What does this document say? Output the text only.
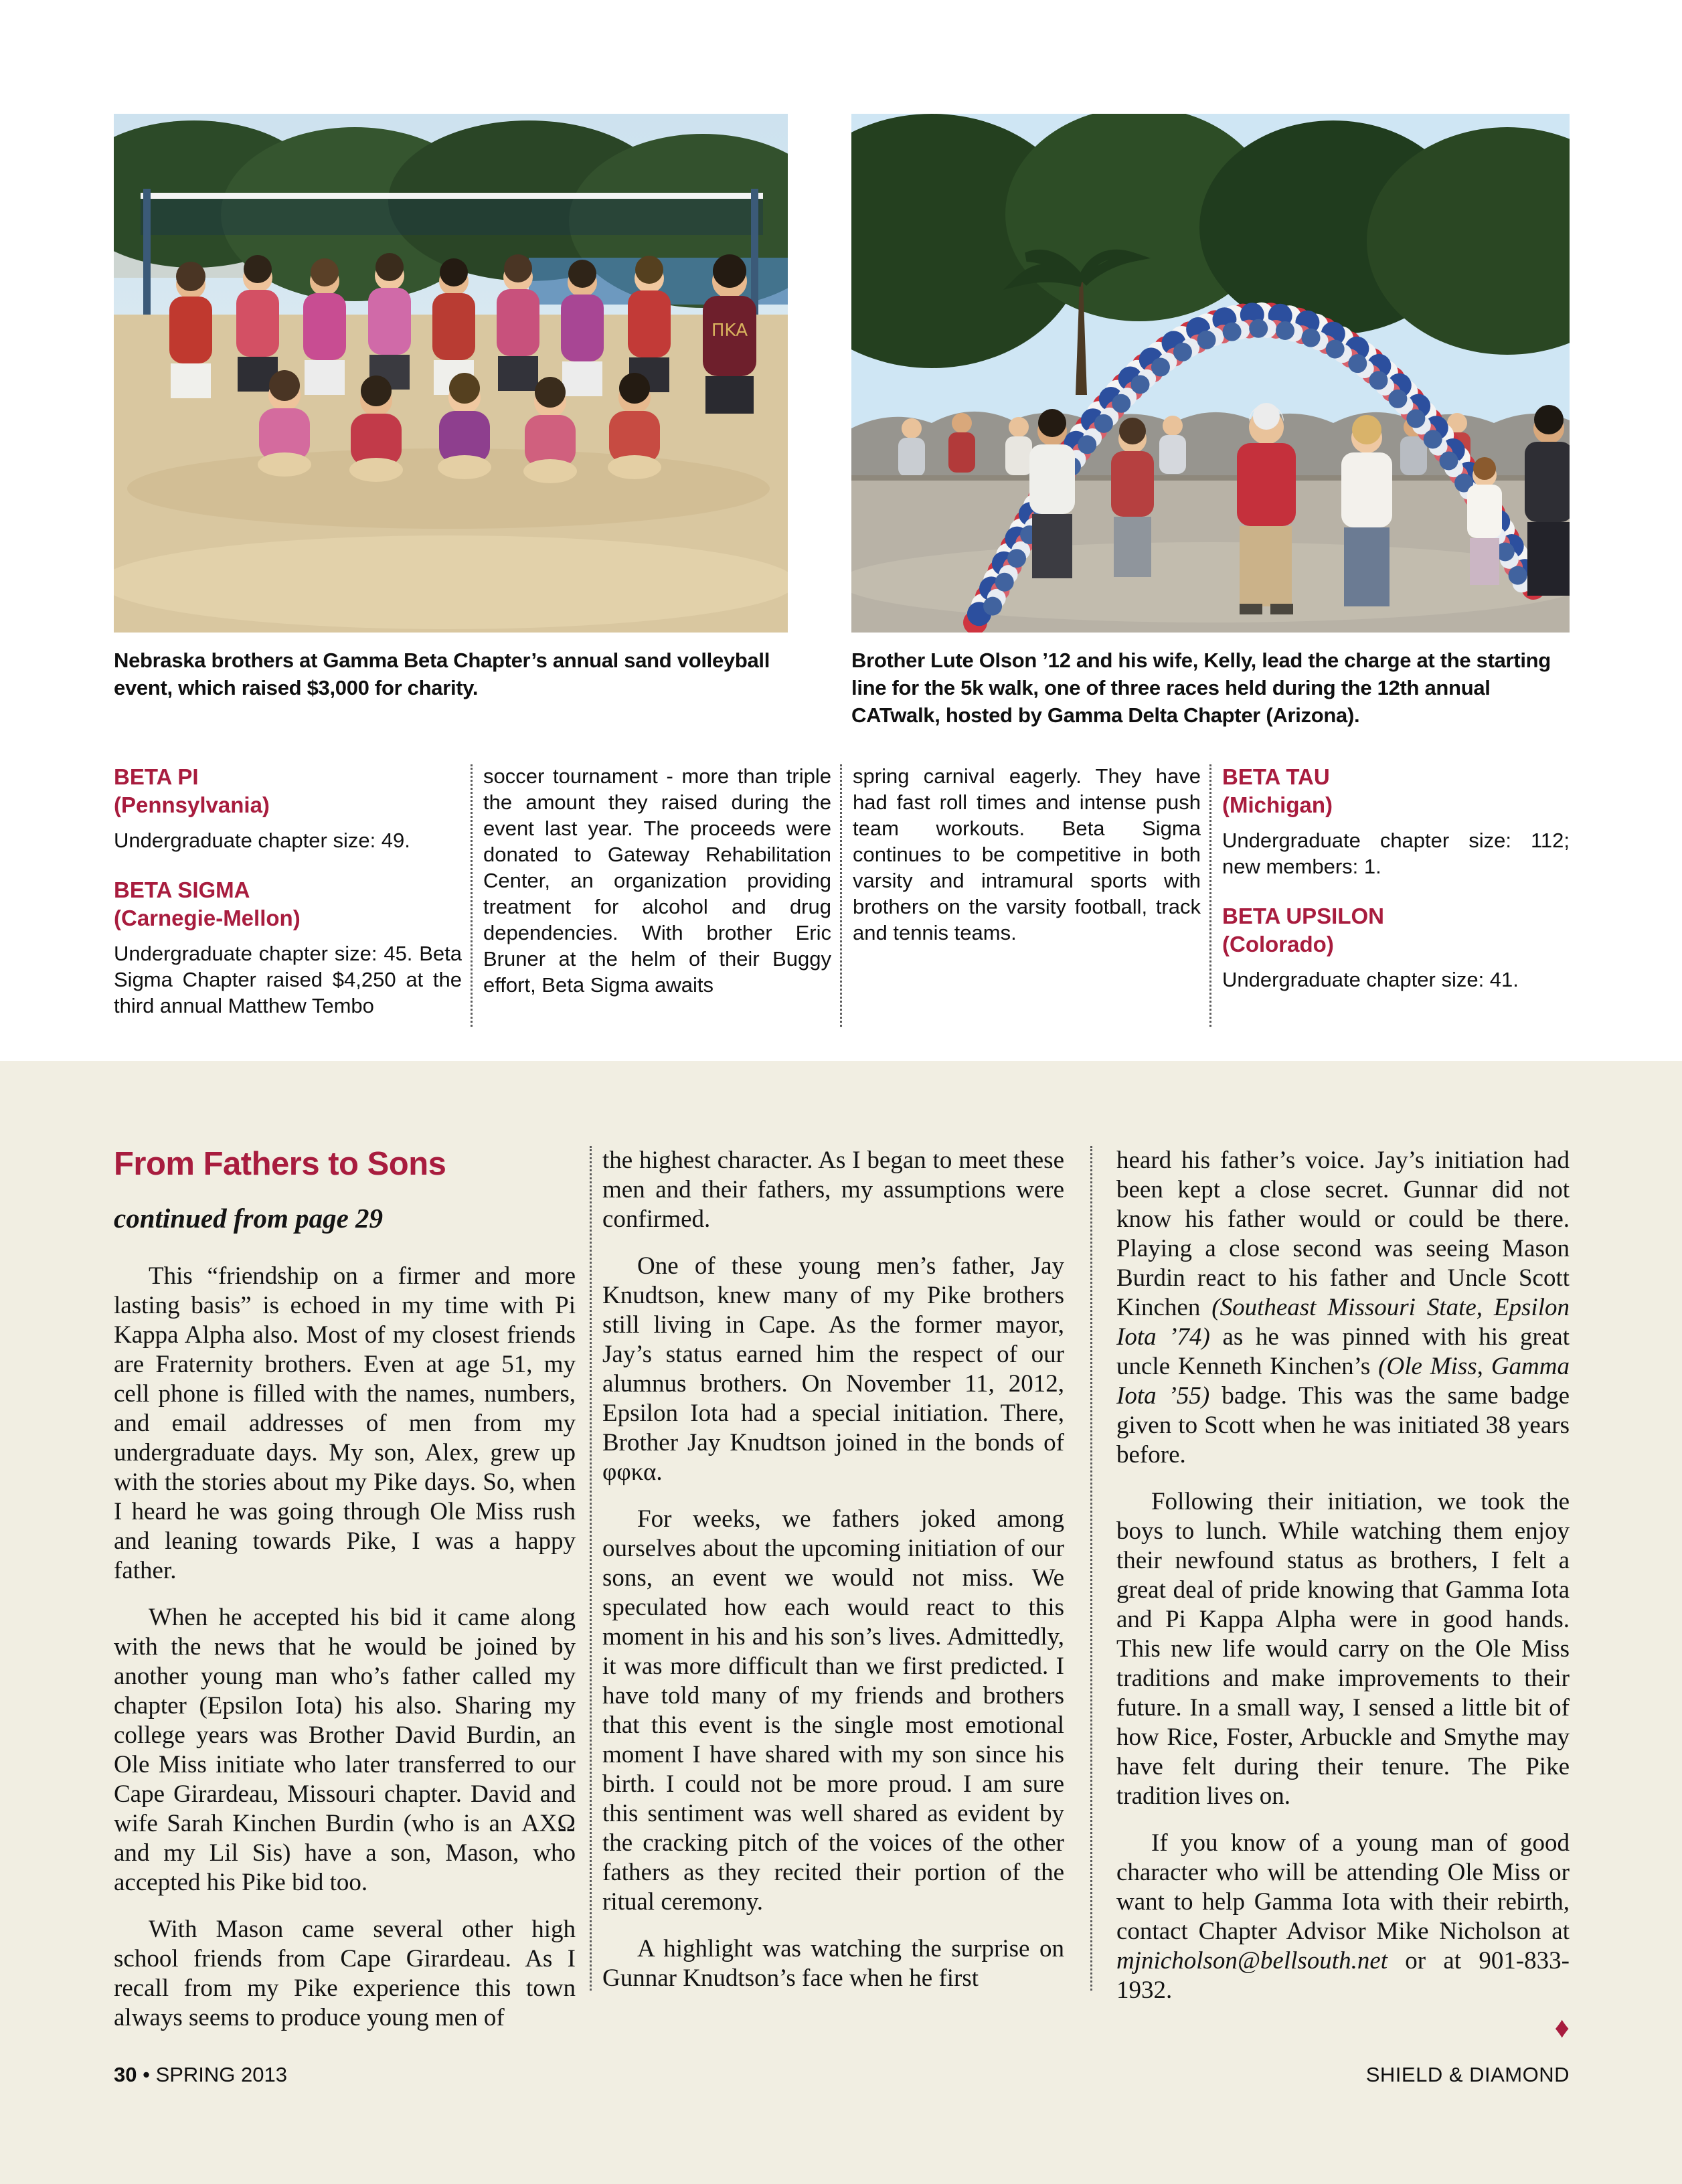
ΠΚΑ
Nebraska brothers at Gamma Beta Chapter’s annual sand volleyball event, which raised $3,000 for charity.
Brother Lute Olson ’12 and his wife, Kelly, lead the charge at the starting line for the 5k walk, one of three races held during the 12th annual CATwalk, hosted by Gamma Delta Chapter (Arizona).
BETA PI
(Pennsylvania)

Undergraduate chapter size: 49.

BETA SIGMA
(Carnegie-Mellon)

Undergraduate chapter size: 45. Beta Sigma Chapter raised $4,250 at the third annual Matthew Tembo

soccer tournament - more than triple the amount they raised during the event last year. The proceeds were donated to Gateway Rehabilitation Center, an organization providing treatment for alcohol and drug dependencies. With brother Eric Bruner at the helm of their Buggy effort, Beta Sigma awaits

spring carnival eagerly. They have had fast roll times and intense push team workouts. Beta Sigma continues to be competitive in both varsity and intramural sports with brothers on the varsity football, track and tennis teams.

BETA TAU
(Michigan)

Undergraduate chapter size: 112; new members: 1.

BETA UPSILON
(Colorado)

Undergraduate chapter size: 41.

From Fathers to Sons
continued from page 29

This “friendship on a firmer and more lasting basis” is echoed in my time with Pi Kappa Alpha also. Most of my closest friends are Fraternity brothers. Even at age 51, my cell phone is filled with the names, numbers, and email addresses of men from my undergraduate days. My son, Alex, grew up with the stories about my Pike days. So, when I heard he was going through Ole Miss rush and leaning towards Pike, I was a happy father.

When he accepted his bid it came along with the news that he would be joined by another young man who’s father called my chapter (Epsilon Iota) his also. Sharing my college years was Brother David Burdin, an Ole Miss initiate who later transferred to our Cape Girardeau, Missouri chapter. David and wife Sarah Kinchen Burdin (who is an ΑΧΩ and my Lil Sis) have a son, Mason, who accepted his Pike bid too.

With Mason came several other high school friends from Cape Girardeau. As I recall from my Pike experience this town always seems to produce young men of

the highest character. As I began to meet these men and their fathers, my assumptions were confirmed.

One of these young men’s father, Jay Knudtson, knew many of my Pike brothers still living in Cape. As the former mayor, Jay’s status earned him the respect of our alumnus brothers. On November 11, 2012, Epsilon Iota had a special initiation. There, Brother Jay Knudtson joined in the bonds of φφκα.

For weeks, we fathers joked among ourselves about the upcoming initiation of our sons, an event we would not miss. We speculated how each would react to this moment in his and his son’s lives. Admittedly, it was more difficult than we first predicted. I have told many of my friends and brothers that this event is the single most emotional moment I have shared with my son since his birth. I could not be more proud. I am sure this sentiment was well shared as evident by the cracking pitch of the voices of the other fathers as they recited their portion of the ritual ceremony.

A highlight was watching the surprise on Gunnar Knudtson’s face when he first

heard his father’s voice. Jay’s initiation had been kept a close secret. Gunnar did not know his father would or could be there. Playing a close second was seeing Mason Burdin react to his father and Uncle Scott Kinchen (Southeast Missouri State, Epsilon Iota ’74) as he was pinned with his great uncle Kenneth Kinchen’s (Ole Miss, Gamma Iota ’55) badge. This was the same badge given to Scott when he was initiated 38 years before.

Following their initiation, we took the boys to lunch. While watching them enjoy their newfound status as brothers, I felt a great deal of pride knowing that Gamma Iota and Pi Kappa Alpha were in good hands. This new life would carry on the Ole Miss traditions and make improvements to their future. In a small way, I sensed a little bit of how Rice, Foster, Arbuckle and Smythe may have felt during their tenure. The Pike tradition lives on.

If you know of a young man of good character who will be attending Ole Miss or want to help Gamma Iota with their rebirth, contact Chapter Advisor Mike Nicholson at mjnicholson@bellsouth.net or at 901-833-1932.

♦
30 • SPRING 2013	SHIELD & DIAMOND
